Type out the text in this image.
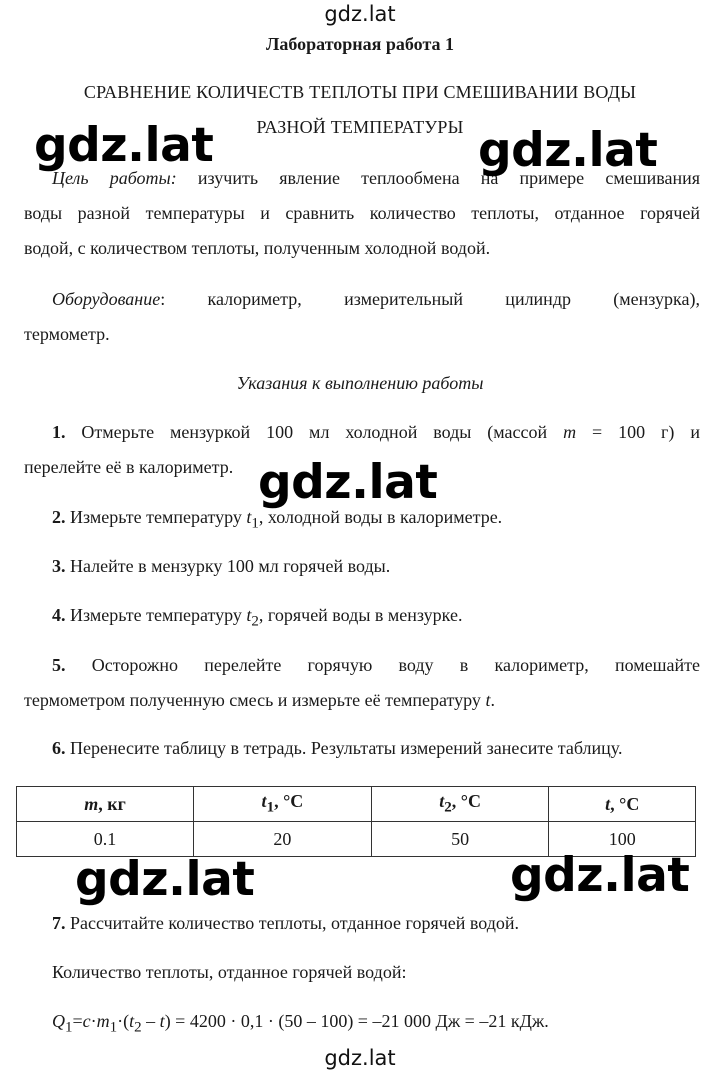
gdz.lat
Лабораторная работа 1
СРАВНЕНИЕ КОЛИЧЕСТВ ТЕПЛОТЫ ПРИ СМЕШИВАНИИ ВОДЫ
РАЗНОЙ ТЕМПЕРАТУРЫ
Цель работы: изучить явление теплообмена на примере смешивания
воды разной температуры и сравнить количество теплоты, отданное горячей
водой, с количеством теплоты, полученным холодной водой.
Оборудование: калориметр, измерительный цилиндр (мензурка),
термометр.
Указания к выполнению работы
1. Отмерьте мензуркой 100 мл холодной воды (массой m = 100 г) и
перелейте её в калориметр.
2. Измерьте температуру $t_1$, холодной воды в калориметре.
3. Налейте в мензурку 100 мл горячей воды.
4. Измерьте температуру $t_2$, горячей воды в мензурке.
5. Осторожно перелейте горячую воду в калориметр, помешайте
термометром полученную смесь и измерьте её температуру t.
6. Перенесите таблицу в тетрадь. Результаты измерений занесите таблицу.
m, кг	$t_1$, °C	$t_2$, °C	t, °C
0.1	20	50	100
7. Рассчитайте количество теплоты, отданное горячей водой.
Количество теплоты, отданное горячей водой:
$Q_1=c\cdot m_1\cdot(t_2 - t) = 4200 \cdot 0,1 \cdot (50 - 100) = -21$ 000 Дж = –21 кДж.
gdz.lat
gdz.lat	gdz.lat
gdz.lat
gdz.lat	gdz.lat
